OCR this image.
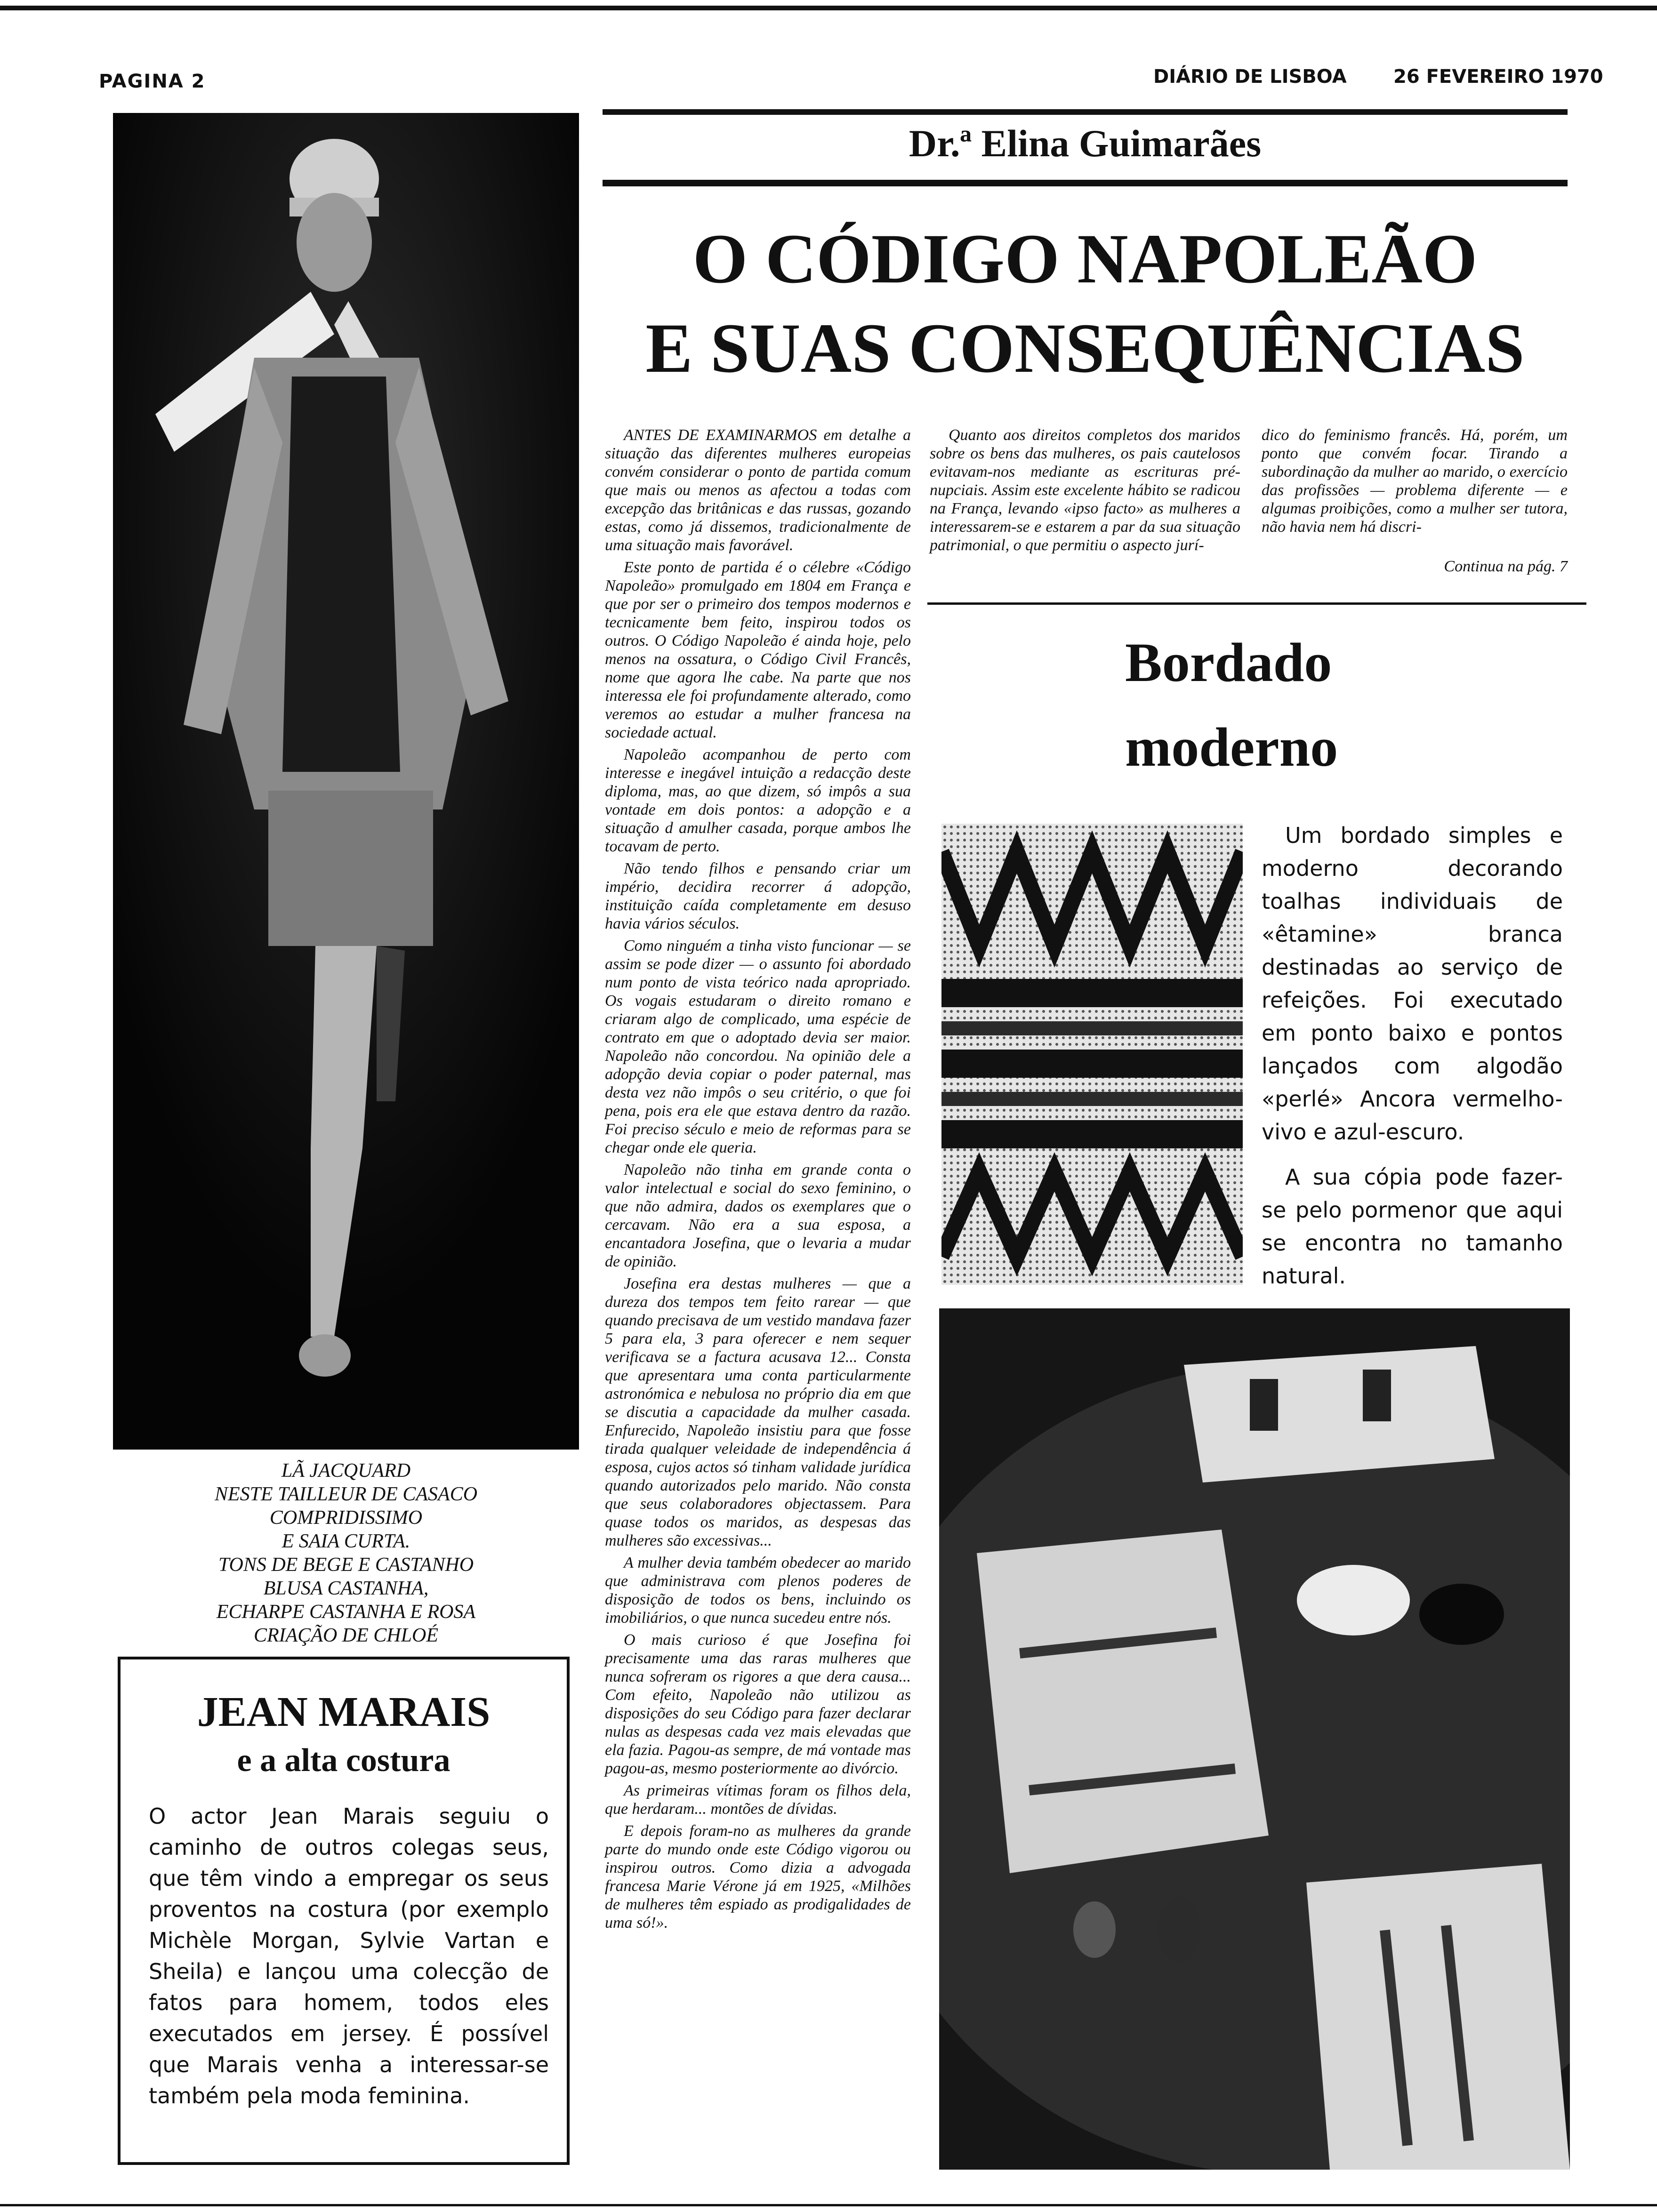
PAGINA 2	DIÁRIO DE LISBOA 26 FEVEREIRO 1970
LÃ JACQUARD
NESTE TAILLEUR DE CASACO
COMPRIDISSIMO
E SAIA CURTA.
TONS DE BEGE E CASTANHO
BLUSA CASTANHA,
ECHARPE CASTANHA E ROSA
CRIAÇÃO DE CHLOÉ
JEAN MARAIS
e a alta costura
O actor Jean Marais seguiu o caminho de outros colegas seus, que têm vindo a empregar os seus proventos na costura (por exemplo Michèle Morgan, Sylvie Vartan e Sheila) e lançou uma colecção de fatos para homem, todos eles executados em jersey. É possível que Marais venha a interessar-se também pela moda feminina.
Dr.ª Elina Guimarães
O CÓDIGO NAPOLEÃO
E SUAS CONSEQUÊNCIAS

ANTES DE EXAMINARMOS em detalhe a situação das diferentes mulheres europeias convém considerar o ponto de partida comum que mais ou menos as afectou a todas com excepção das britânicas e das russas, gozando estas, como já dissemos, tradicionalmente de uma situação mais favorável.

Este ponto de partida é o célebre «Código Napoleão» promulgado em 1804 em França e que por ser o primeiro dos tempos modernos e tecnicamente bem feito, inspirou todos os outros. O Código Napoleão é ainda hoje, pelo menos na ossatura, o Código Civil Francês, nome que agora lhe cabe. Na parte que nos interessa ele foi profundamente alterado, como veremos ao estudar a mulher francesa na sociedade actual.

Napoleão acompanhou de perto com interesse e inegável intuição a redacção deste diploma, mas, ao que dizem, só impôs a sua vontade em dois pontos: a adopção e a situação d amulher casada, porque ambos lhe tocavam de perto.

Não tendo filhos e pensando criar um império, decidira recorrer á adopção, instituição caída completamente em desuso havia vários séculos.

Como ninguém a tinha visto funcionar — se assim se pode dizer — o assunto foi abordado num ponto de vista teórico nada apropriado. Os vogais estudaram o direito romano e criaram algo de complicado, uma espécie de contrato em que o adoptado devia ser maior. Napoleão não concordou. Na opinião dele a adopção devia copiar o poder paternal, mas desta vez não impôs o seu critério, o que foi pena, pois era ele que estava dentro da razão. Foi preciso século e meio de reformas para se chegar onde ele queria.

Napoleão não tinha em grande conta o valor intelectual e social do sexo feminino, o que não admira, dados os exemplares que o cercavam. Não era a sua esposa, a encantadora Josefina, que o levaria a mudar de opinião.

Josefina era destas mulheres — que a dureza dos tempos tem feito rarear — que quando precisava de um vestido mandava fazer 5 para ela, 3 para oferecer e nem sequer verificava se a factura acusava 12... Consta que apresentara uma conta particularmente astronómica e nebulosa no próprio dia em que se discutia a capacidade da mulher casada. Enfurecido, Napoleão insistiu para que fosse tirada qualquer veleidade de independência á esposa, cujos actos só tinham validade jurídica quando autorizados pelo marido. Não consta que seus colaboradores objectassem. Para quase todos os maridos, as despesas das mulheres são excessivas...

A mulher devia também obedecer ao marido que administrava com plenos poderes de disposição de todos os bens, incluindo os imobiliários, o que nunca sucedeu entre nós.

O mais curioso é que Josefina foi precisamente uma das raras mulheres que nunca sofreram os rigores a que dera causa... Com efeito, Napoleão não utilizou as disposições do seu Código para fazer declarar nulas as despesas cada vez mais elevadas que ela fazia. Pagou-as sempre, de má vontade mas pagou-as, mesmo posteriormente ao divórcio.

As primeiras vítimas foram os filhos dela, que herdaram... montões de dívidas.

E depois foram-no as mulheres da grande parte do mundo onde este Código vigorou ou inspirou outros. Como dizia a advogada francesa Marie Vérone já em 1925, «Milhões de mulheres têm espiado as prodigalidades de uma só!».

Quanto aos direitos completos dos maridos sobre os bens das mulheres, os pais cautelosos evitavam-nos mediante as escrituras pré-nupciais. Assim este excelente hábito se radicou na França, levando «ipso facto» as mulheres a interessarem-se e estarem a par da sua situação patrimonial, o que permitiu o aspecto jurí-

dico do feminismo francês. Há, porém, um ponto que convém focar. Tirando a subordinação da mulher ao marido, o exercício das profissões — problema diferente — e algumas proibições, como a mulher ser tutora, não havia nem há discri-

Continua na pág. 7
Bordado
moderno

Um bordado simples e moderno decorando toalhas individuais de «êtamine» branca destinadas ao serviço de refeições. Foi executado em ponto baixo e pontos lançados com algodão «perlé» Ancora vermelho-vivo e azul-escuro.

A sua cópia pode fazer-se pelo pormenor que aqui se encontra no tamanho natural.
